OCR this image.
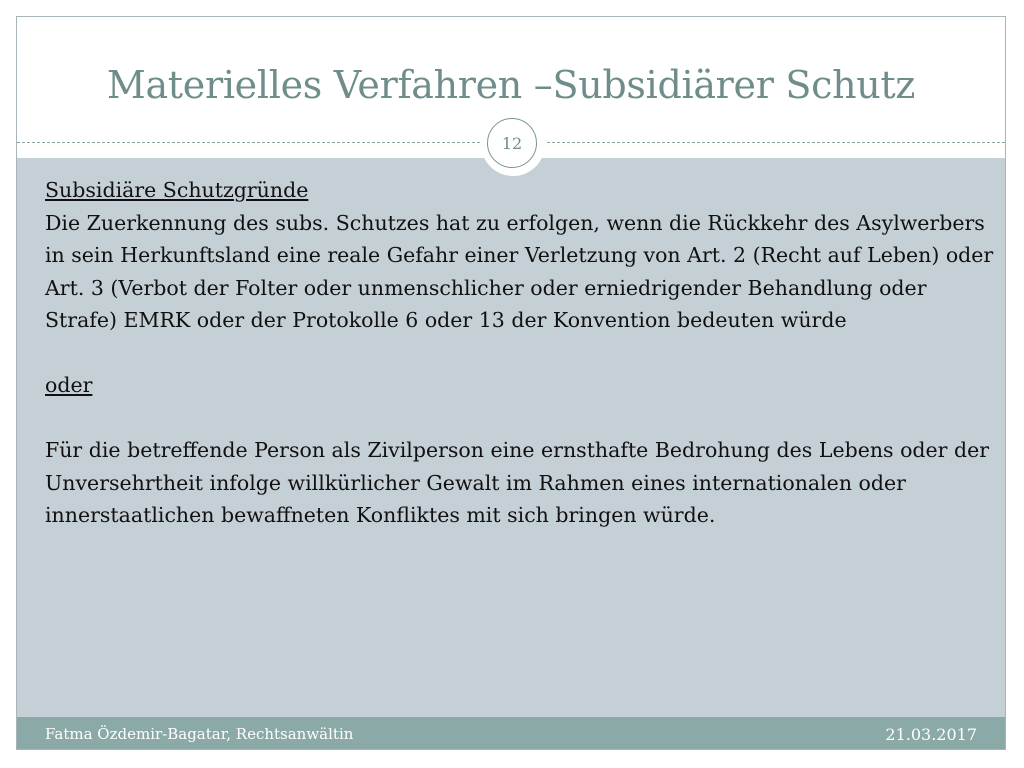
Materielles Verfahren –Subsidiärer Schutz
12

Subsidiäre Schutzgründe

Die Zuerkennung des subs. Schutzes hat zu erfolgen, wenn die Rückkehr des Asylwerbers in sein Herkunftsland eine reale Gefahr einer Verletzung von Art. 2 (Recht auf Leben) oder Art. 3 (Verbot der Folter oder unmenschlicher oder erniedrigender Behandlung oder Strafe) EMRK oder der Protokolle 6 oder 13 der Konvention bedeuten würde

oder

Für die betreffende Person als Zivilperson eine ernsthafte Bedrohung des Lebens oder der Unversehrtheit infolge willkürlicher Gewalt im Rahmen eines internationalen oder innerstaatlichen bewaffneten Konfliktes mit sich bringen würde.

Fatma Özdemir-Bagatar, Rechtsanwältin	21.03.2017
